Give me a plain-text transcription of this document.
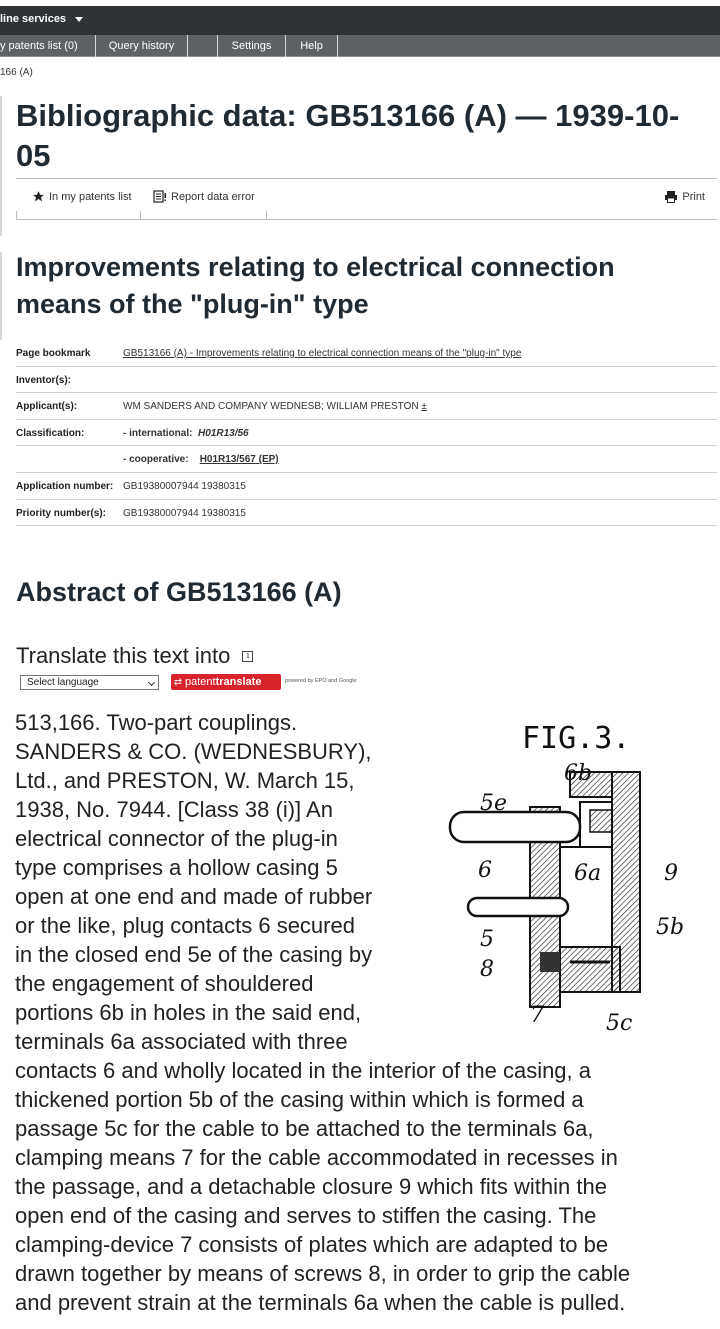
line services
y patents list (0)	Query history	Settings	Help
166 (A)
Bibliographic data: GB513166 (A) — 1939-10-05
In my patents list	Report data error	Print
Improvements relating to electrical connection means of the "plug-in" type
Page bookmark	GB513166 (A) - Improvements relating to electrical connection means of the "plug-in" type
Inventor(s):
Applicant(s):	WM SANDERS AND COMPANY WEDNESB; WILLIAM PRESTON ±
Classification:	- international: H01R13/56
- cooperative: H01R13/567 (EP)
Application number: GB19380007944 19380315
Priority number(s): GB19380007944 19380315
Abstract of GB513166 (A)
Translate this text into	i
Select language	⇄ patenttranslate	powered by EPO and Google
513,166. Two-part couplings.
SANDERS & CO. (WEDNESBURY),
Ltd., and PRESTON, W. March 15,
1938, No. 7944. [Class 38 (i)] An
electrical connector of the plug-in
type comprises a hollow casing 5
open at one end and made of rubber
or the like, plug contacts 6 secured
in the closed end 5e of the casing by
the engagement of shouldered
portions 6b in holes in the said end,
terminals 6a associated with three
contacts 6 and wholly located in the interior of the casing, a
thickened portion 5b of the casing within which is formed a
passage 5c for the cable to be attached to the terminals 6a,
clamping means 7 for the cable accommodated in recesses in
the passage, and a detachable closure 9 which fits within the
open end of the casing and serves to stiffen the casing. The
clamping-device 7 consists of plates which are adapted to be
drawn together by means of screws 8, in order to grip the cable
and prevent strain at the terminals 6a when the cable is pulled.
FIG.3.
6b
5e
6	6a	9
5b
5
8
7	5c
